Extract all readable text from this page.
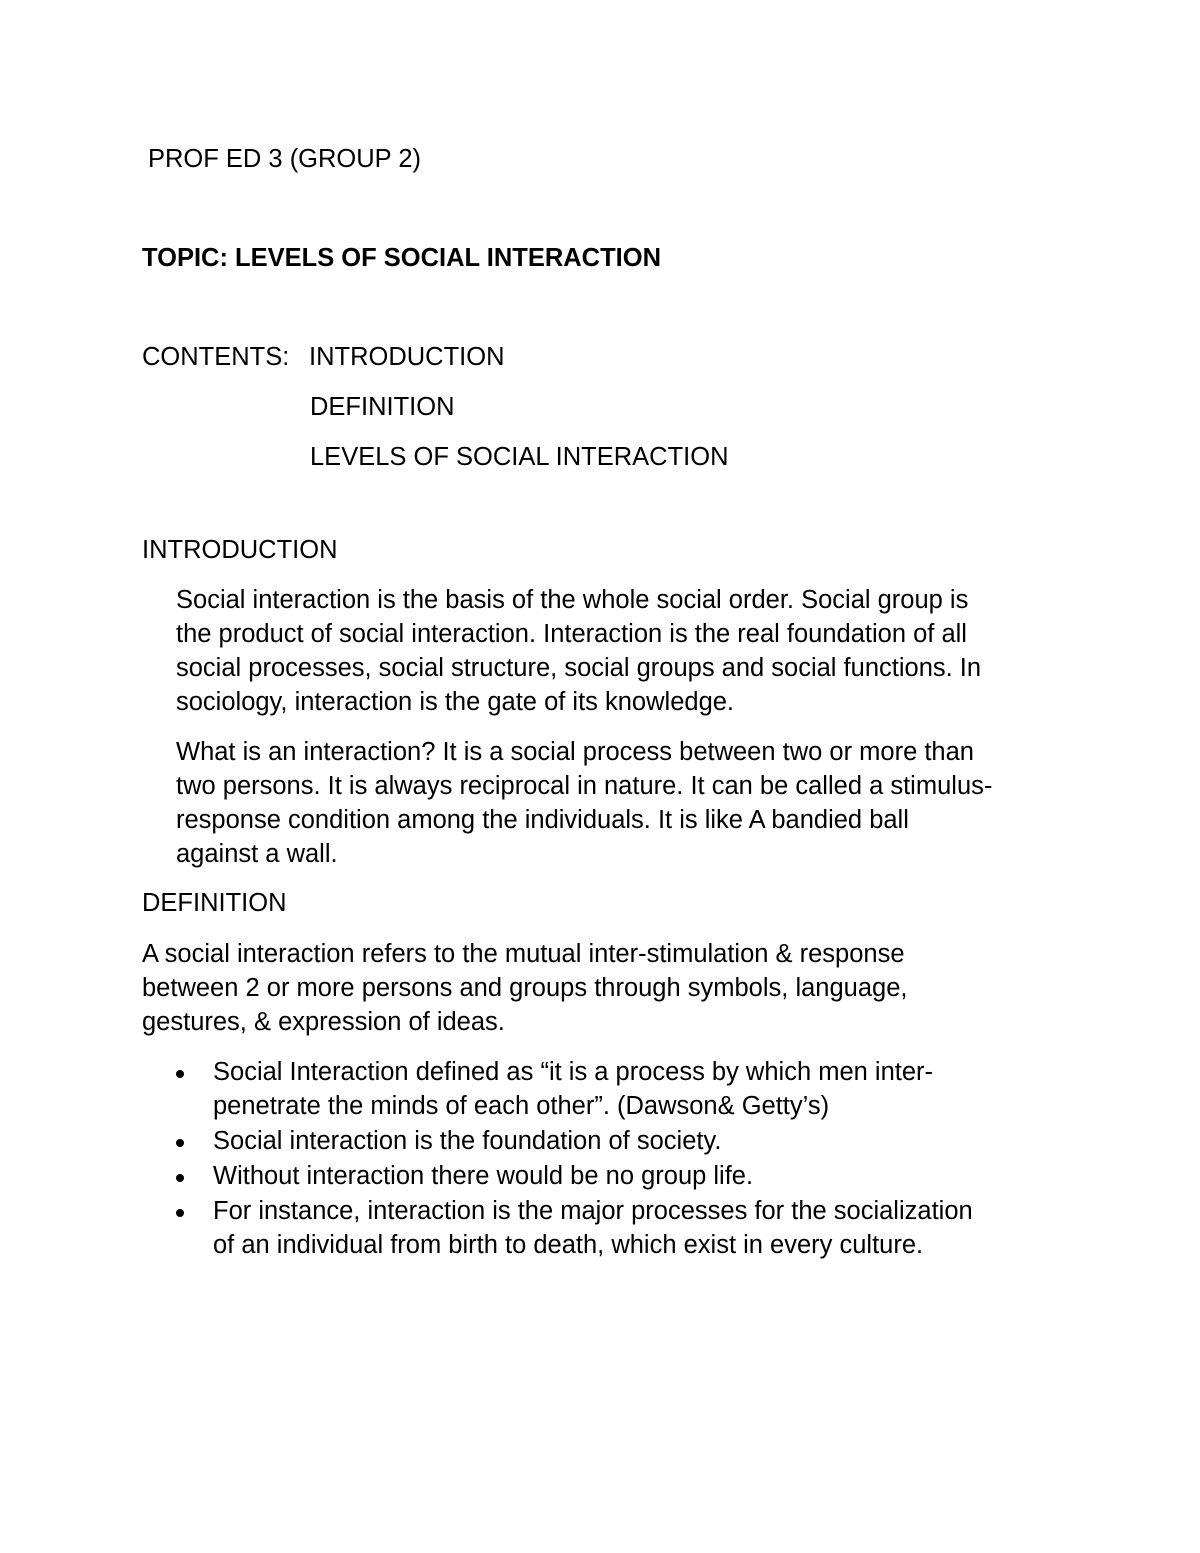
PROF ED 3 (GROUP 2)
TOPIC: LEVELS OF SOCIAL INTERACTION
CONTENTS: INTRODUCTION
DEFINITION
LEVELS OF SOCIAL INTERACTION
INTRODUCTION
Social interaction is the basis of the whole social order. Social group is
the product of social interaction. Interaction is the real foundation of all
social processes, social structure, social groups and social functions. In
sociology, interaction is the gate of its knowledge.
What is an interaction? It is a social process between two or more than
two persons. It is always reciprocal in nature. It can be called a stimulus-
response condition among the individuals. It is like A bandied ball
against a wall.
DEFINITION
A social interaction refers to the mutual inter-stimulation & response
between 2 or more persons and groups through symbols, language,
gestures, & expression of ideas.
Social Interaction defined as “it is a process by which men inter-
penetrate the minds of each other”. (Dawson& Getty’s)
Social interaction is the foundation of society.
Without interaction there would be no group life.
For instance, interaction is the major processes for the socialization
of an individual from birth to death, which exist in every culture.
